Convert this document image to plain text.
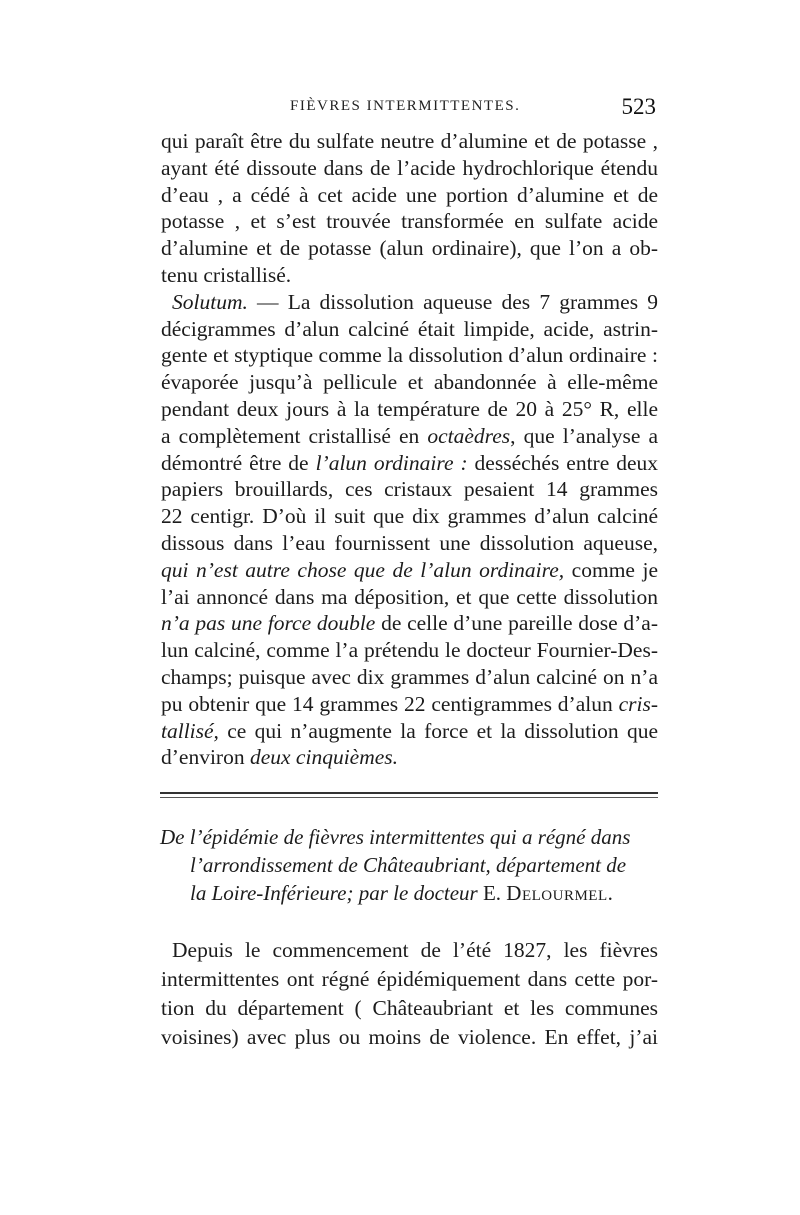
FIÈVRES INTERMITTENTES.	523
qui paraît être du sulfate neutre d’alumine et de potasse ,
ayant été dissoute dans de l’acide hydrochlorique étendu
d’eau , a cédé à cet acide une portion d’alumine et de
potasse , et s’est trouvée transformée en sulfate acide
d’alumine et de potasse (alun ordinaire), que l’on a ob-
tenu cristallisé.
Solutum. — La dissolution aqueuse des 7 grammes 9
décigrammes d’alun calciné était limpide, acide, astrin-
gente et styptique comme la dissolution d’alun ordinaire :
évaporée jusqu’à pellicule et abandonnée à elle-même
pendant deux jours à la température de 20 à 25° R, elle
a complètement cristallisé en octaèdres, que l’analyse a
démontré être de l’alun ordinaire : desséchés entre deux
papiers brouillards, ces cristaux pesaient 14 grammes
22 centigr. D’où il suit que dix grammes d’alun calciné
dissous dans l’eau fournissent une dissolution aqueuse,
qui n’est autre chose que de l’alun ordinaire, comme je
l’ai annoncé dans ma déposition, et que cette dissolution
n’a pas une force double de celle d’une pareille dose d’a-
lun calciné, comme l’a prétendu le docteur Fournier-Des-
champs; puisque avec dix grammes d’alun calciné on n’a
pu obtenir que 14 grammes 22 centigrammes d’alun cris-
tallisé, ce qui n’augmente la force et la dissolution que
d’environ deux cinquièmes.
De l’épidémie de fièvres intermittentes qui a régné dans
l’arrondissement de Châteaubriant, département de
la Loire-Inférieure; par le docteur E. Delourmel.
Depuis le commencement de l’été 1827, les fièvres
intermittentes ont régné épidémiquement dans cette por-
tion du département ( Châteaubriant et les communes
voisines) avec plus ou moins de violence. En effet, j’ai
